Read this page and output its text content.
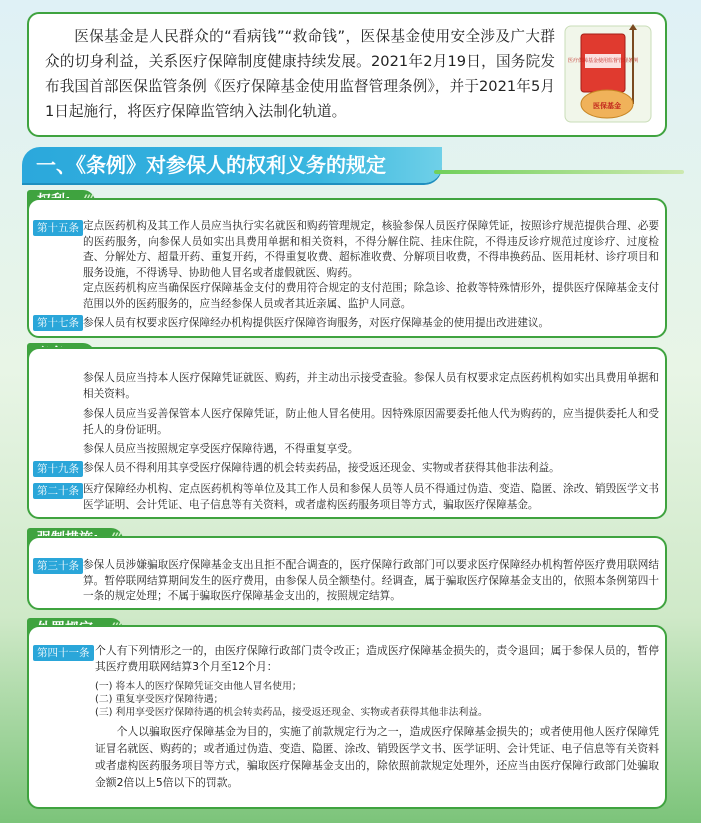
医保基金是人民群众的“看病钱”“救命钱”，医保基金使用安全涉及广大群众的切身利益，关系医疗保障制度健康持续发展。2021年2月19日，国务院发布我国首部医保监管条例《医疗保障基金使用监督管理条例》，并于2021年5月1日起施行，将医疗保障监管纳入法制化轨道。
医疗保障基金使用监督管理条例
医保基金
一、《条例》对参保人的权利义务的规定
第十五条 定点医药机构及其工作人员应当执行实名就医和购药管理规定，核验参保人员医疗保障凭证，按照诊疗规范提供合理、必要的医药服务，向参保人员如实出具费用单据和相关资料，不得分解住院、挂床住院，不得违反诊疗规范过度诊疗、过度检查、分解处方、超量开药、重复开药，不得重复收费、超标准收费、分解项目收费，不得串换药品、医用耗材、诊疗项目和服务设施，不得诱导、协助他人冒名或者虚假就医、购药。
定点医药机构应当确保医疗保障基金支付的费用符合规定的支付范围；除急诊、抢救等特殊情形外，提供医疗保障基金支付范围以外的医药服务的，应当经参保人员或者其近亲属、监护人同意。
第十七条 参保人员有权要求医疗保障经办机构提供医疗保障咨询服务，对医疗保障基金的使用提出改进建议。
参保人员应当持本人医疗保障凭证就医、购药，并主动出示接受查验。参保人员有权要求定点医药机构如实出具费用单据和相关资料。
参保人员应当妥善保管本人医疗保障凭证，防止他人冒名使用。因特殊原因需要委托他人代为购药的，应当提供委托人和受托人的身份证明。
参保人员应当按照规定享受医疗保障待遇，不得重复享受。
第十九条 参保人员不得利用其享受医疗保障待遇的机会转卖药品，接受返还现金、实物或者获得其他非法利益。
第二十条 医疗保障经办机构、定点医药机构等单位及其工作人员和参保人员等人员不得通过伪造、变造、隐匿、涂改、销毁医学文书医学证明、会计凭证、电子信息等有关资料，或者虚构医药服务项目等方式，骗取医疗保障基金。
第三十条 参保人员涉嫌骗取医疗保障基金支出且拒不配合调查的，医疗保障行政部门可以要求医疗保障经办机构暂停医疗费用联网结算。暂停联网结算期间发生的医疗费用，由参保人员全额垫付。经调查，属于骗取医疗保障基金支出的，依照本条例第四十一条的规定处理；不属于骗取医疗保障基金支出的，按照规定结算。
第四十一条 个人有下列情形之一的，由医疗保障行政部门责令改正；造成医疗保障基金损失的，责令退回；属于参保人员的，暂停其医疗费用联网结算3个月至12个月：
(一) 将本人的医疗保障凭证交由他人冒名使用；
(二) 重复享受医疗保障待遇；
(三) 利用享受医疗保障待遇的机会转卖药品，接受返还现金、实物或者获得其他非法利益。
个人以骗取医疗保障基金为目的，实施了前款规定行为之一，造成医疗保障基金损失的；或者使用他人医疗保障凭证冒名就医、购药的；或者通过伪造、变造、隐匿、涂改、销毁医学文书、医学证明、会计凭证、电子信息等有关资料或者虚构医药服务项目等方式，骗取医疗保障基金支出的，除依照前款规定处理外，还应当由医疗保障行政部门处骗取金额2倍以上5倍以下的罚款。
